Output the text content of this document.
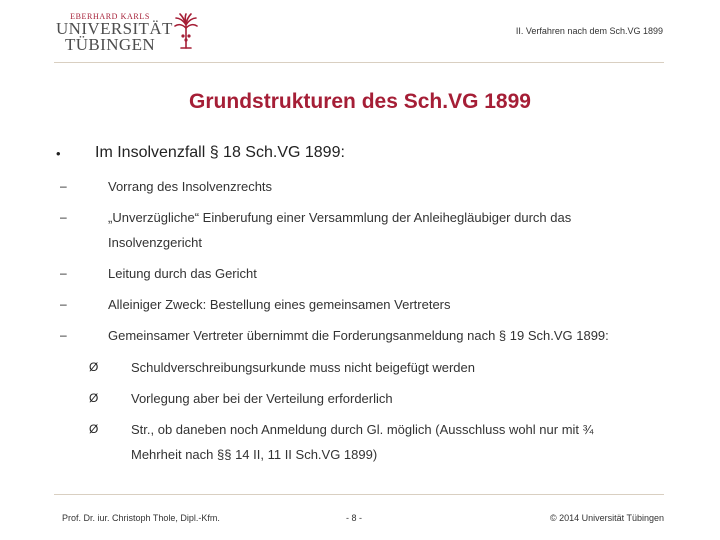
EBERHARD KARLS
UNIVERSITÄT
TÜBINGEN
II. Verfahren nach dem Sch.VG 1899
Grundstrukturen des Sch.VG 1899
• Im Insolvenzfall § 18 Sch.VG 1899:
–	Vorrang des Insolvenzrechts
–	„Unverzügliche“ Einberufung einer Versammlung der Anleihegläubiger durch das
Insolvenzgericht
–	Leitung durch das Gericht
–	Alleiniger Zweck: Bestellung eines gemeinsamen Vertreters
–	Gemeinsamer Vertreter übernimmt die Forderungsanmeldung nach § 19 Sch.VG 1899:
Ø	Schuldverschreibungsurkunde muss nicht beigefügt werden
Ø	Vorlegung aber bei der Verteilung erforderlich
Ø	Str., ob daneben noch Anmeldung durch Gl. möglich (Ausschluss wohl nur mit ¾
Mehrheit nach §§ 14 II, 11 II Sch.VG 1899)
Prof. Dr. iur. Christoph Thole, Dipl.-Kfm.	- 8 -	© 2014 Universität Tübingen
